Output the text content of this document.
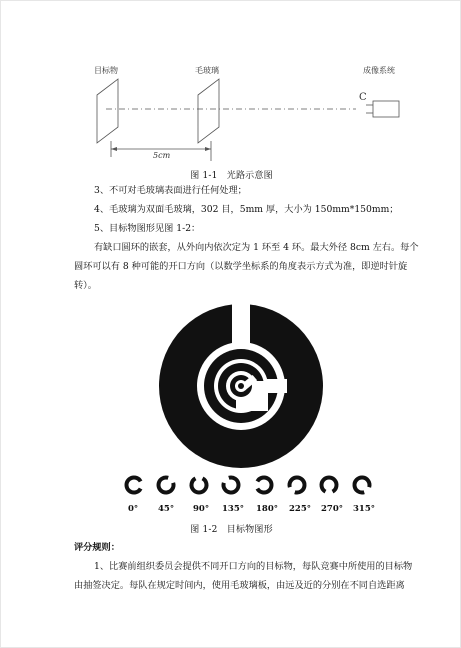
目标物	毛玻璃	成像系统
C
5cm
图 1-1　光路示意图
3、不可对毛玻璃表面进行任何处理；
4、毛玻璃为双面毛玻璃，302 目，5mm 厚，大小为 150mm*150mm；
5、目标物图形见图 1-2：
有缺口圆环的嵌套，从外向内依次定为 1 环至 4 环。最大外径 8cm 左右。每个
圆环可以有 8 种可能的开口方向（以数学坐标系的角度表示方式为准，即逆时针旋
转）。
0° 45° 90° 135° 180° 225° 270° 315°
图 1-2　目标物图形
评分规则：
1、比赛前组织委员会提供不同开口方向的目标物，每队竞赛中所使用的目标物
由抽签决定。每队在规定时间内，使用毛玻璃板，由远及近的分别在不同自选距离
